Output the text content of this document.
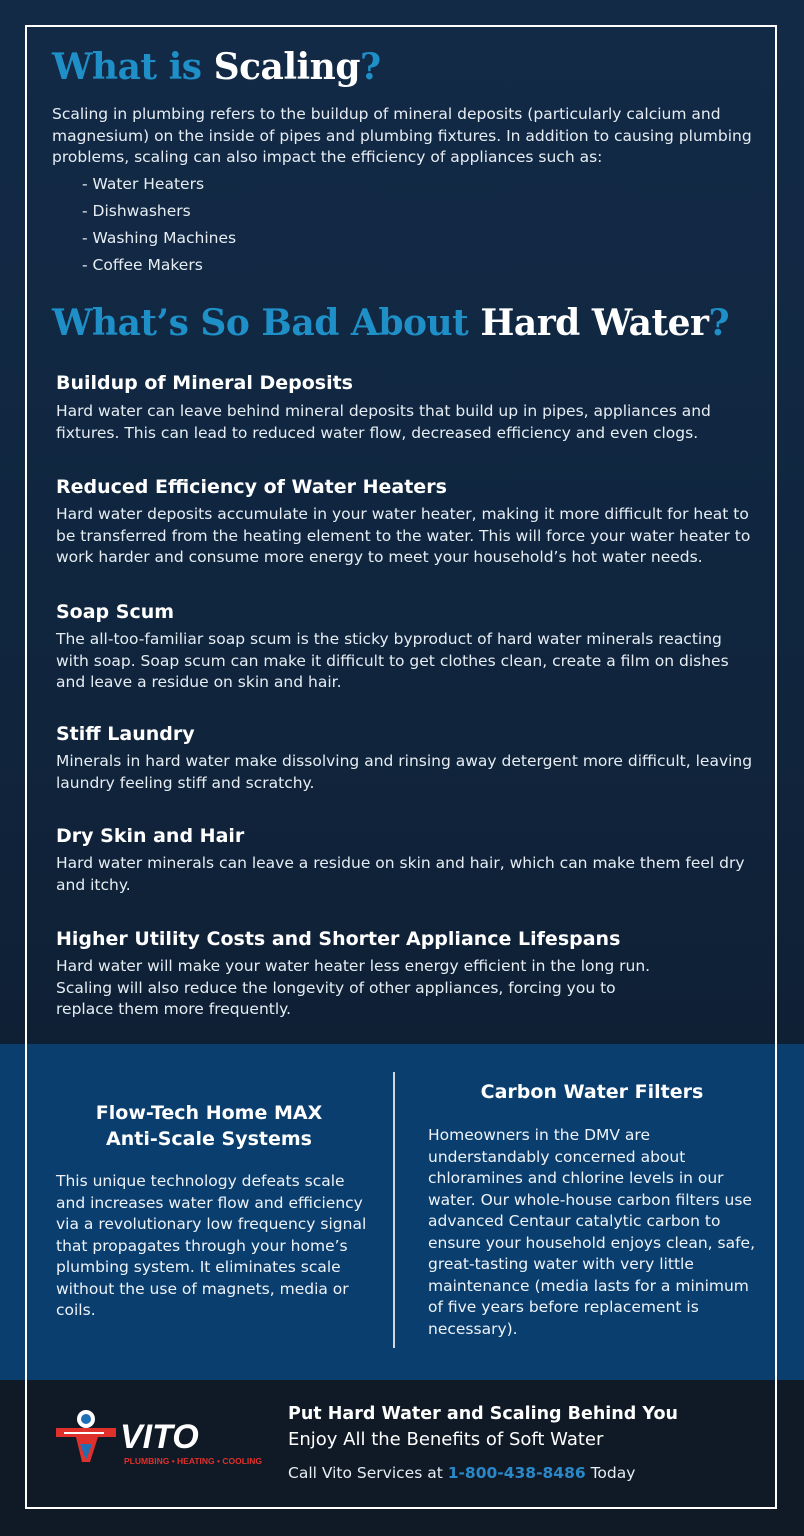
What is Scaling?
Scaling in plumbing refers to the buildup of mineral deposits (particularly calcium and magnesium) on the inside of pipes and plumbing fixtures. In addition to causing plumbing problems, scaling can also impact the efficiency of appliances such as:
- Water Heaters
- Dishwashers
- Washing Machines
- Coffee Makers
What’s So Bad About Hard Water?
Buildup of Mineral Deposits
Hard water can leave behind mineral deposits that build up in pipes, appliances and fixtures. This can lead to reduced water flow, decreased efficiency and even clogs.
Reduced Efficiency of Water Heaters
Hard water deposits accumulate in your water heater, making it more difficult for heat to be transferred from the heating element to the water. This will force your water heater to work harder and consume more energy to meet your household’s hot water needs.
Soap Scum
The all-too-familiar soap scum is the sticky byproduct of hard water minerals reacting with soap. Soap scum can make it difficult to get clothes clean, create a film on dishes and leave a residue on skin and hair.
Stiff Laundry
Minerals in hard water make dissolving and rinsing away detergent more difficult, leaving laundry feeling stiff and scratchy.
Dry Skin and Hair
Hard water minerals can leave a residue on skin and hair, which can make them feel dry and itchy.
Higher Utility Costs and Shorter Appliance Lifespans
Hard water will make your water heater less energy efficient in the long run. Scaling will also reduce the longevity of other appliances, forcing you to replace them more frequently.
Flow-Tech Home MAX Anti-Scale Systems
This unique technology defeats scale and increases water flow and efficiency via a revolutionary low frequency signal that propagates through your home’s plumbing system. It eliminates scale without the use of magnets, media or coils.
Carbon Water Filters
Homeowners in the DMV are understandably concerned about chloramines and chlorine levels in our water. Our whole-house carbon filters use advanced Centaur catalytic carbon to ensure your household enjoys clean, safe, great-tasting water with very little maintenance (media lasts for a minimum of five years before replacement is necessary).
VITO
PLUMBING • HEATING • COOLING
Put Hard Water and Scaling Behind You
Enjoy All the Benefits of Soft Water
Call Vito Services at 1-800-438-8486 Today
